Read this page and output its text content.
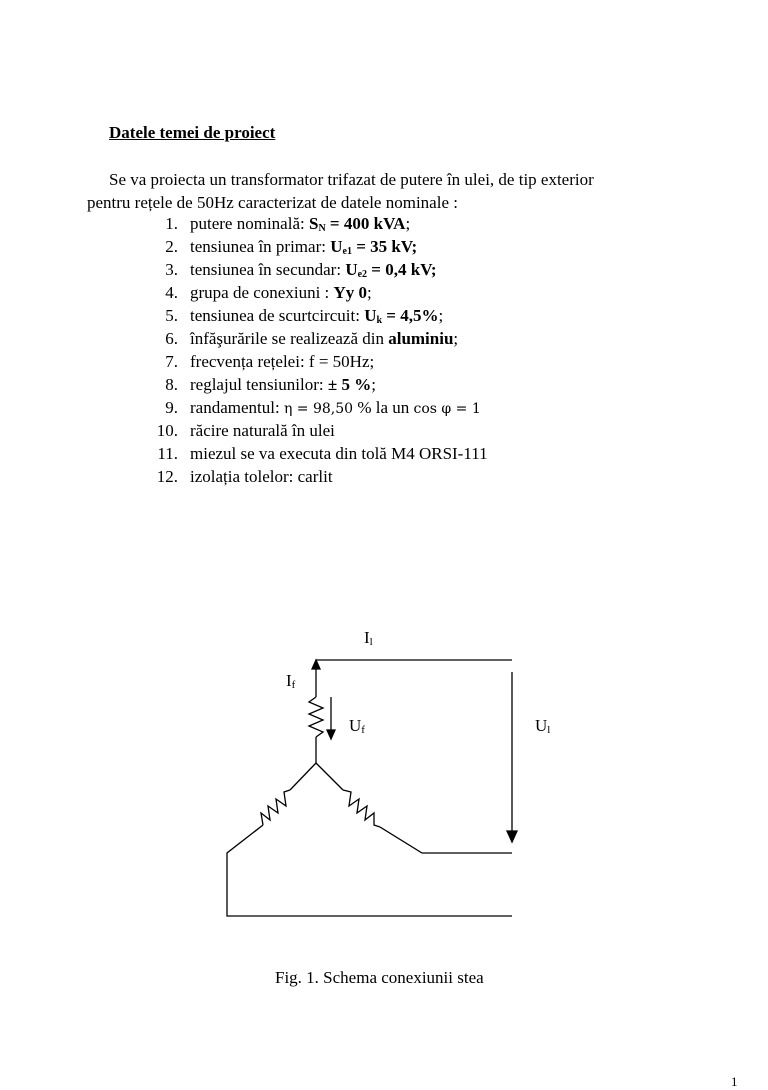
Datele temei de proiect
Se va proiecta un transformator trifazat de putere în ulei, de tip exterior
pentru rețele de 50Hz caracterizat de datele nominale :
1. putere nominală: $S_N = 400$ kVA;
2. tensiunea în primar: $U_{e1} = 35$ kV;
3. tensiunea în secundar: $U_{e2} = 0,4$ kV;
4. grupa de conexiuni : Yy 0;
5. tensiunea de scurtcircuit: $U_k = 4,5\%$;
6. înfăşurările se realizează din aluminiu;
7. frecvența rețelei: f = 50Hz;
8. reglajul tensiunilor: ± 5 %;
9. randamentul: η = 98,50 % la un cos φ = 1
10. răcire naturală în ulei
11. miezul se va executa din tolă M4 ORSI-111
12. izolația tolelor: carlit
$I_l$
$I_f$
$U_f$	$U_l$
Fig. 1. Schema conexiunii stea
1
